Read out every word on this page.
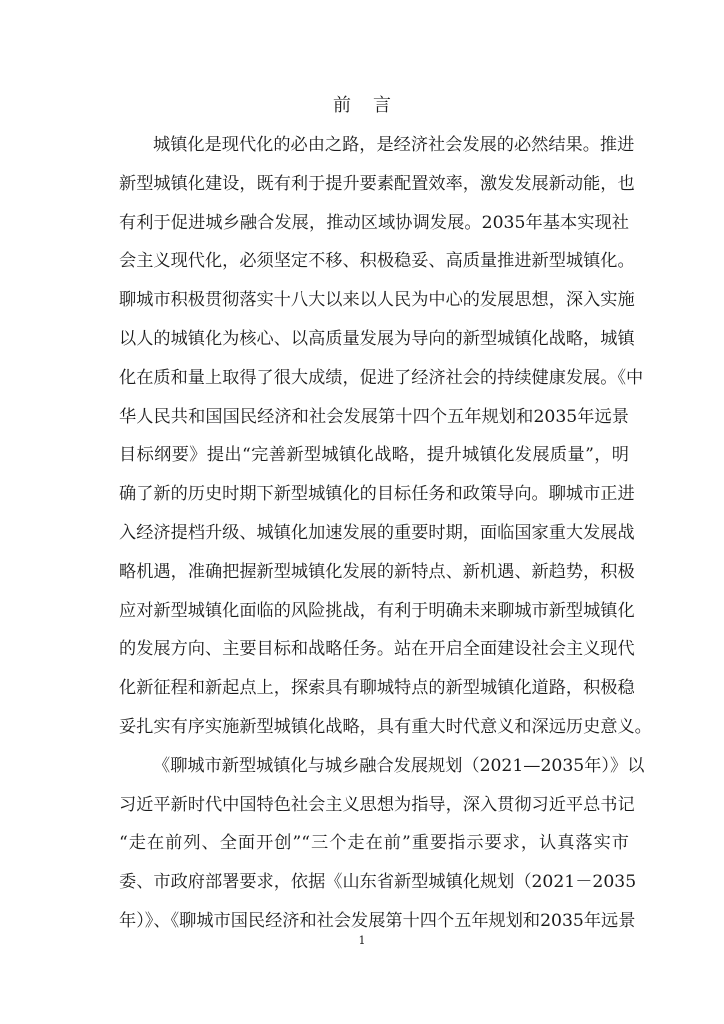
前言
城镇化是现代化的必由之路，是经济社会发展的必然结果。推进
新型城镇化建设，既有利于提升要素配置效率，激发发展新动能，也
有利于促进城乡融合发展，推动区域协调发展。2035年基本实现社
会主义现代化，必须坚定不移、积极稳妥、高质量推进新型城镇化。
聊城市积极贯彻落实十八大以来以人民为中心的发展思想，深入实施
以人的城镇化为核心、以高质量发展为导向的新型城镇化战略，城镇
化在质和量上取得了很大成绩，促进了经济社会的持续健康发展。《中
华人民共和国国民经济和社会发展第十四个五年规划和2035年远景
目标纲要》提出“完善新型城镇化战略，提升城镇化发展质量”，明
确了新的历史时期下新型城镇化的目标任务和政策导向。聊城市正进
入经济提档升级、城镇化加速发展的重要时期，面临国家重大发展战
略机遇，准确把握新型城镇化发展的新特点、新机遇、新趋势，积极
应对新型城镇化面临的风险挑战，有利于明确未来聊城市新型城镇化
的发展方向、主要目标和战略任务。站在开启全面建设社会主义现代
化新征程和新起点上，探索具有聊城特点的新型城镇化道路，积极稳
妥扎实有序实施新型城镇化战略，具有重大时代意义和深远历史意义。
《聊城市新型城镇化与城乡融合发展规划（2021—2035年）》以
习近平新时代中国特色社会主义思想为指导，深入贯彻习近平总书记
“走在前列、全面开创”“三个走在前”重要指示要求，认真落实市
委、市政府部署要求，依据《山东省新型城镇化规划（2021－2035
年）》、《聊城市国民经济和社会发展第十四个五年规划和2035年远景
1
